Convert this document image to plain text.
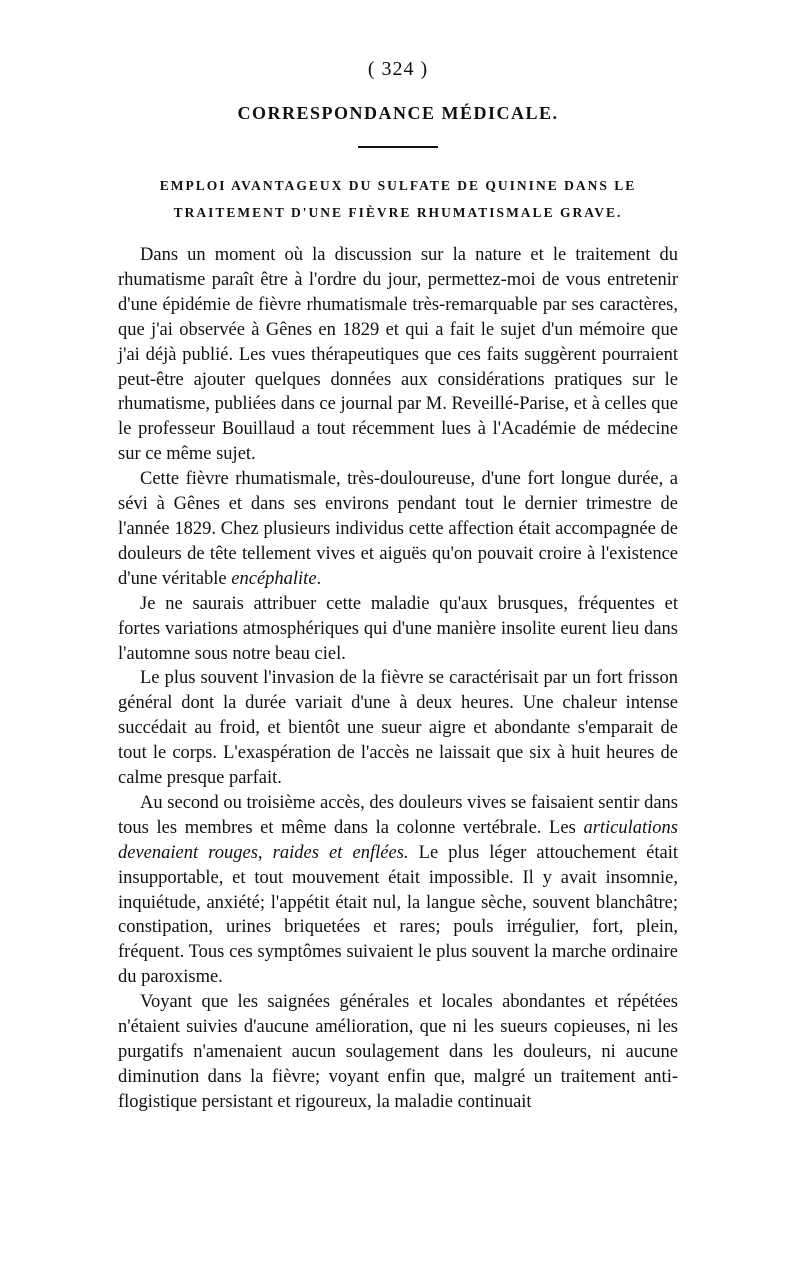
( 324 )
CORRESPONDANCE MÉDICALE.
EMPLOI AVANTAGEUX DU SULFATE DE QUININE DANS LE TRAITEMENT D'UNE FIÈVRE RHUMATISMALE GRAVE.

Dans un moment où la discussion sur la nature et le traitement du rhumatisme paraît être à l'ordre du jour, permettez-moi de vous entretenir d'une épidémie de fièvre rhumatismale très-remarquable par ses caractères, que j'ai observée à Gênes en 1829 et qui a fait le sujet d'un mémoire que j'ai déjà publié. Les vues thérapeutiques que ces faits suggèrent pourraient peut-être ajouter quelques données aux considérations pratiques sur le rhumatisme, publiées dans ce journal par M. Reveillé-Parise, et à celles que le professeur Bouillaud a tout récemment lues à l'Académie de médecine sur ce même sujet.

Cette fièvre rhumatismale, très-douloureuse, d'une fort longue durée, a sévi à Gênes et dans ses environs pendant tout le dernier trimestre de l'année 1829. Chez plusieurs individus cette affection était accompagnée de douleurs de tête tellement vives et aiguës qu'on pouvait croire à l'existence d'une véritable encéphalite.

Je ne saurais attribuer cette maladie qu'aux brusques, fréquentes et fortes variations atmosphériques qui d'une manière insolite eurent lieu dans l'automne sous notre beau ciel.

Le plus souvent l'invasion de la fièvre se caractérisait par un fort frisson général dont la durée variait d'une à deux heures. Une chaleur intense succédait au froid, et bientôt une sueur aigre et abondante s'emparait de tout le corps. L'exaspération de l'accès ne laissait que six à huit heures de calme presque parfait.

Au second ou troisième accès, des douleurs vives se faisaient sentir dans tous les membres et même dans la colonne vertébrale. Les articulations devenaient rouges, raides et enflées. Le plus léger attouchement était insupportable, et tout mouvement était impossible. Il y avait insomnie, inquiétude, anxiété; l'appétit était nul, la langue sèche, souvent blanchâtre; constipation, urines briquetées et rares; pouls irrégulier, fort, plein, fréquent. Tous ces symptômes suivaient le plus souvent la marche ordinaire du paroxisme.

Voyant que les saignées générales et locales abondantes et répétées n'étaient suivies d'aucune amélioration, que ni les sueurs copieuses, ni les purgatifs n'amenaient aucun soulagement dans les douleurs, ni aucune diminution dans la fièvre; voyant enfin que, malgré un traitement anti-flogistique persistant et rigoureux, la maladie continuait
